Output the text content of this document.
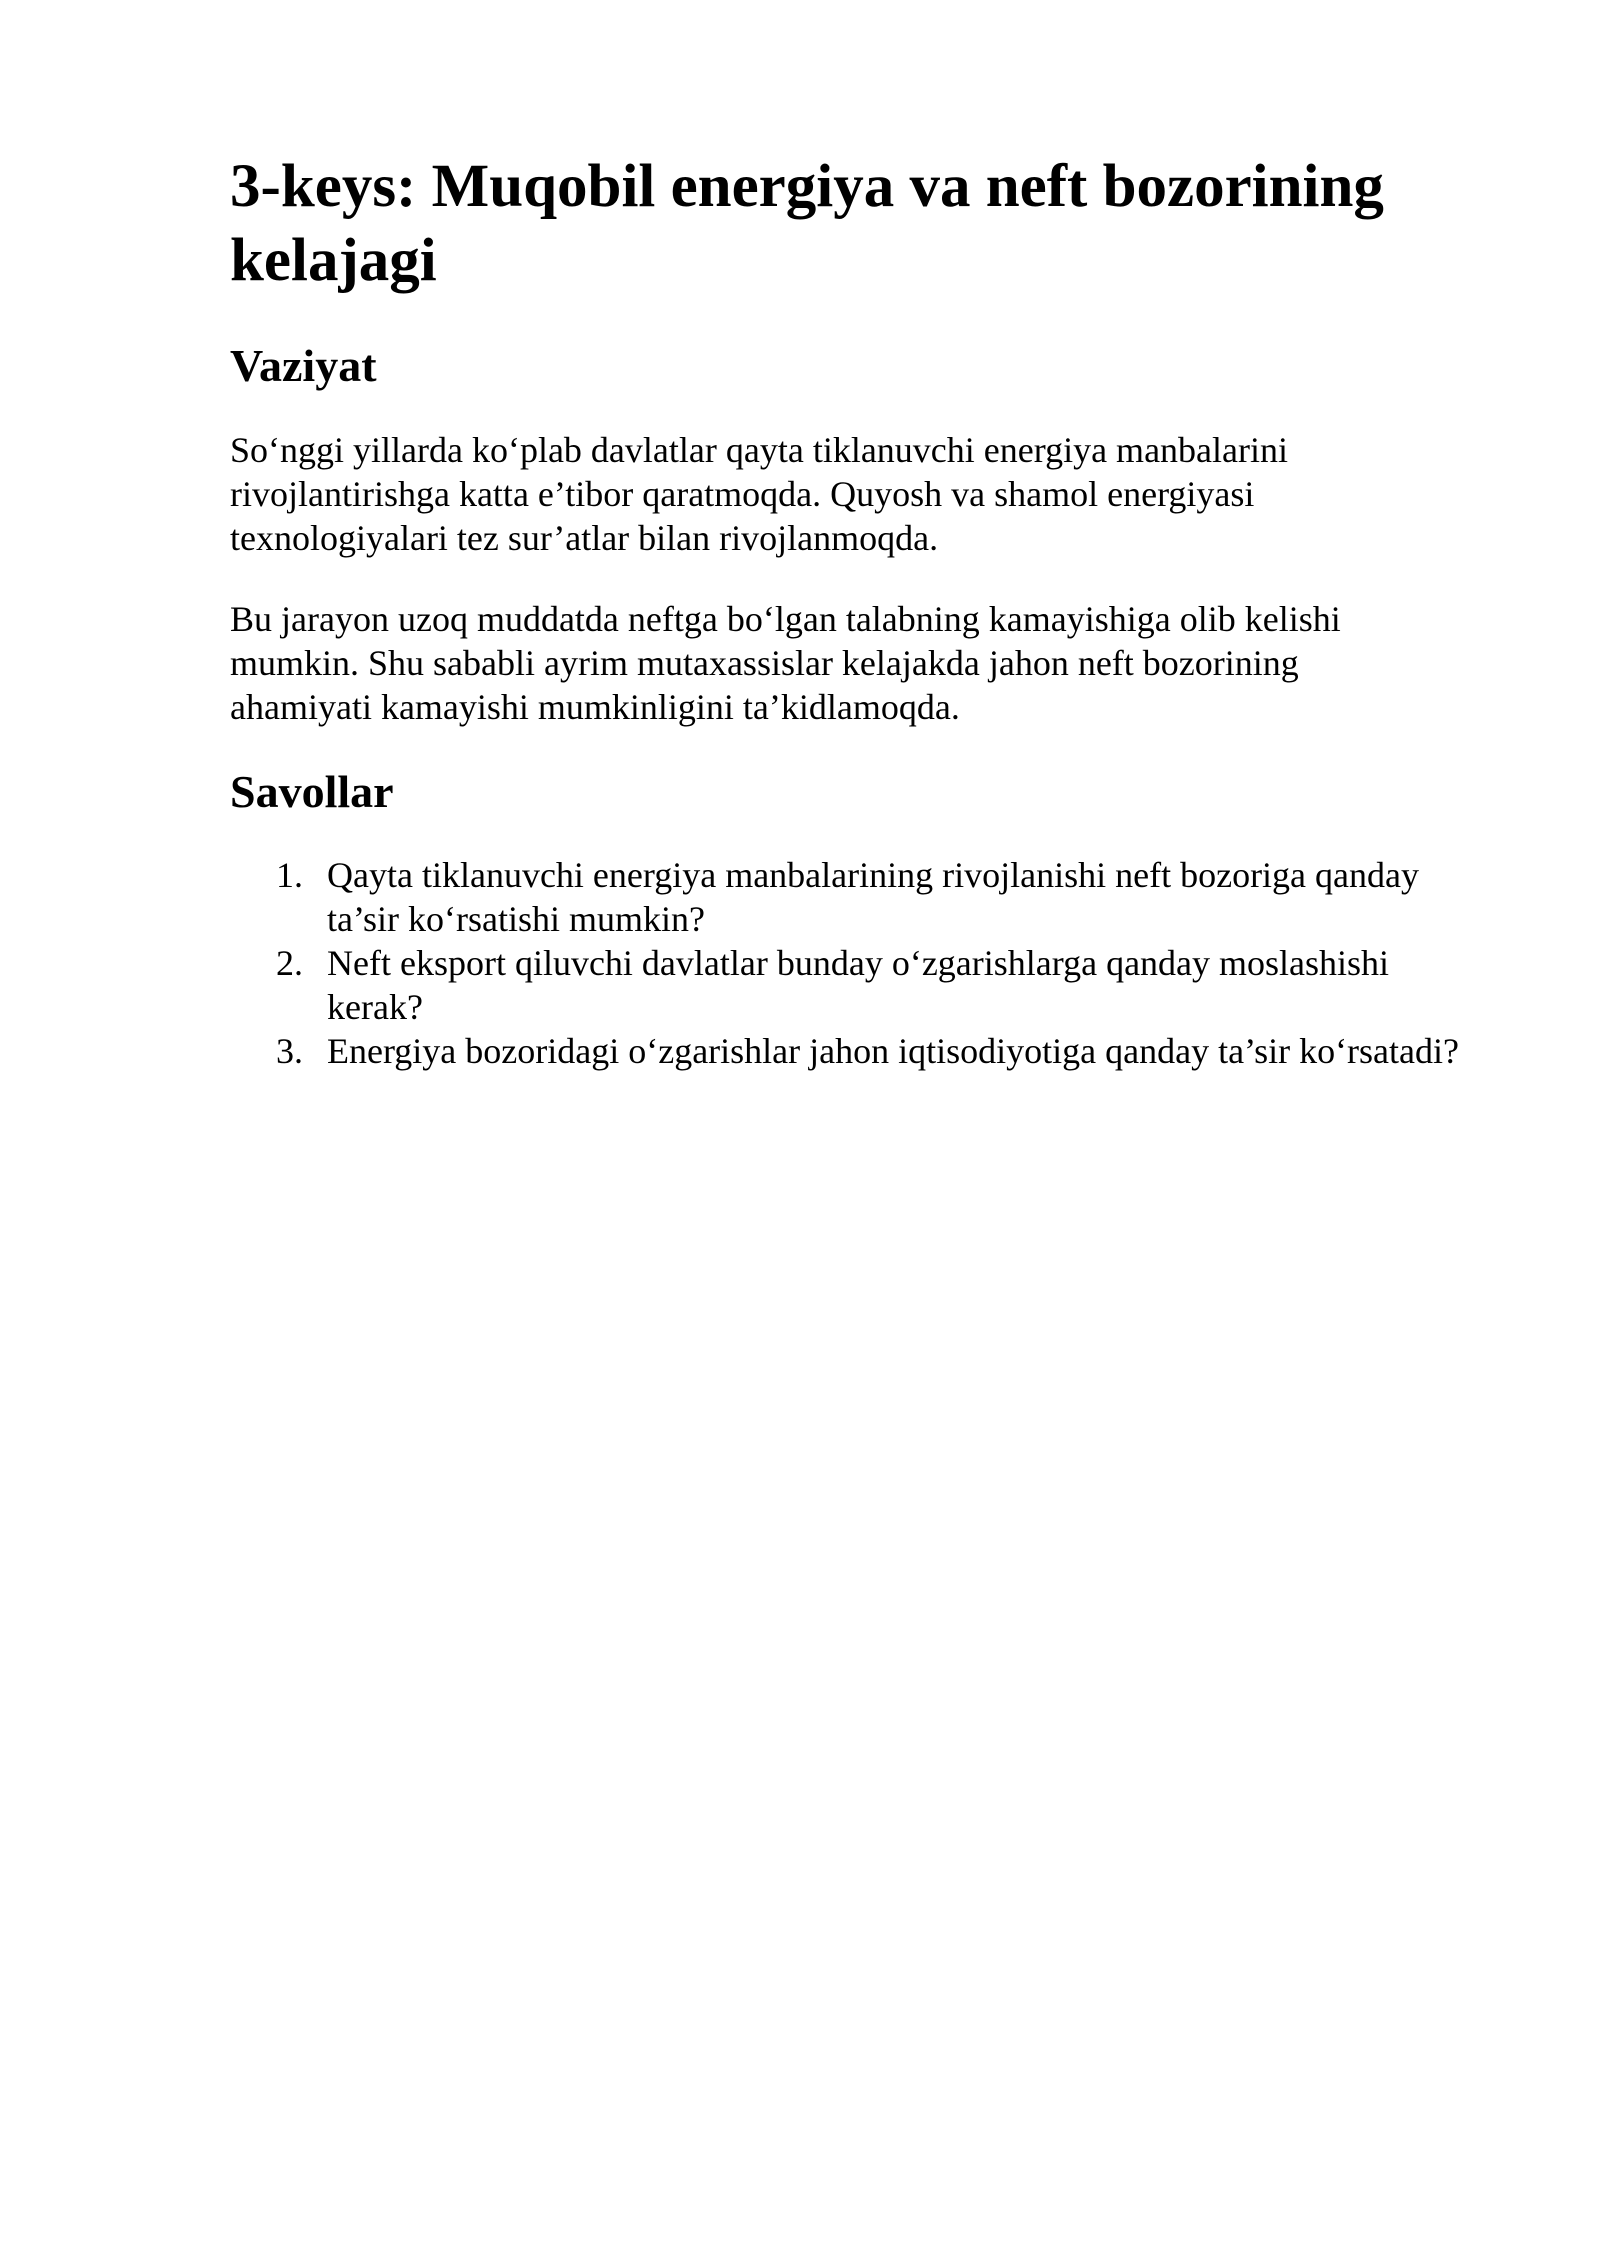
3-keys: Muqobil energiya va neft bozorining kelajagi
Vaziyat

So‘nggi yillarda ko‘plab davlatlar qayta tiklanuvchi energiya manbalarini rivojlantirishga katta e’tibor qaratmoqda. Quyosh va shamol energiyasi texnologiyalari tez sur’atlar bilan rivojlanmoqda.

Bu jarayon uzoq muddatda neftga bo‘lgan talabning kamayishiga olib kelishi mumkin. Shu sababli ayrim mutaxassislar kelajakda jahon neft bozorining ahamiyati kamayishi mumkinligini ta’kidlamoqda.

Savollar
1. Qayta tiklanuvchi energiya manbalarining rivojlanishi neft bozoriga qanday ta’sir ko‘rsatishi mumkin?
2. Neft eksport qiluvchi davlatlar bunday o‘zgarishlarga qanday moslashishi kerak?
3. Energiya bozoridagi o‘zgarishlar jahon iqtisodiyotiga qanday ta’sir ko‘rsatadi?
